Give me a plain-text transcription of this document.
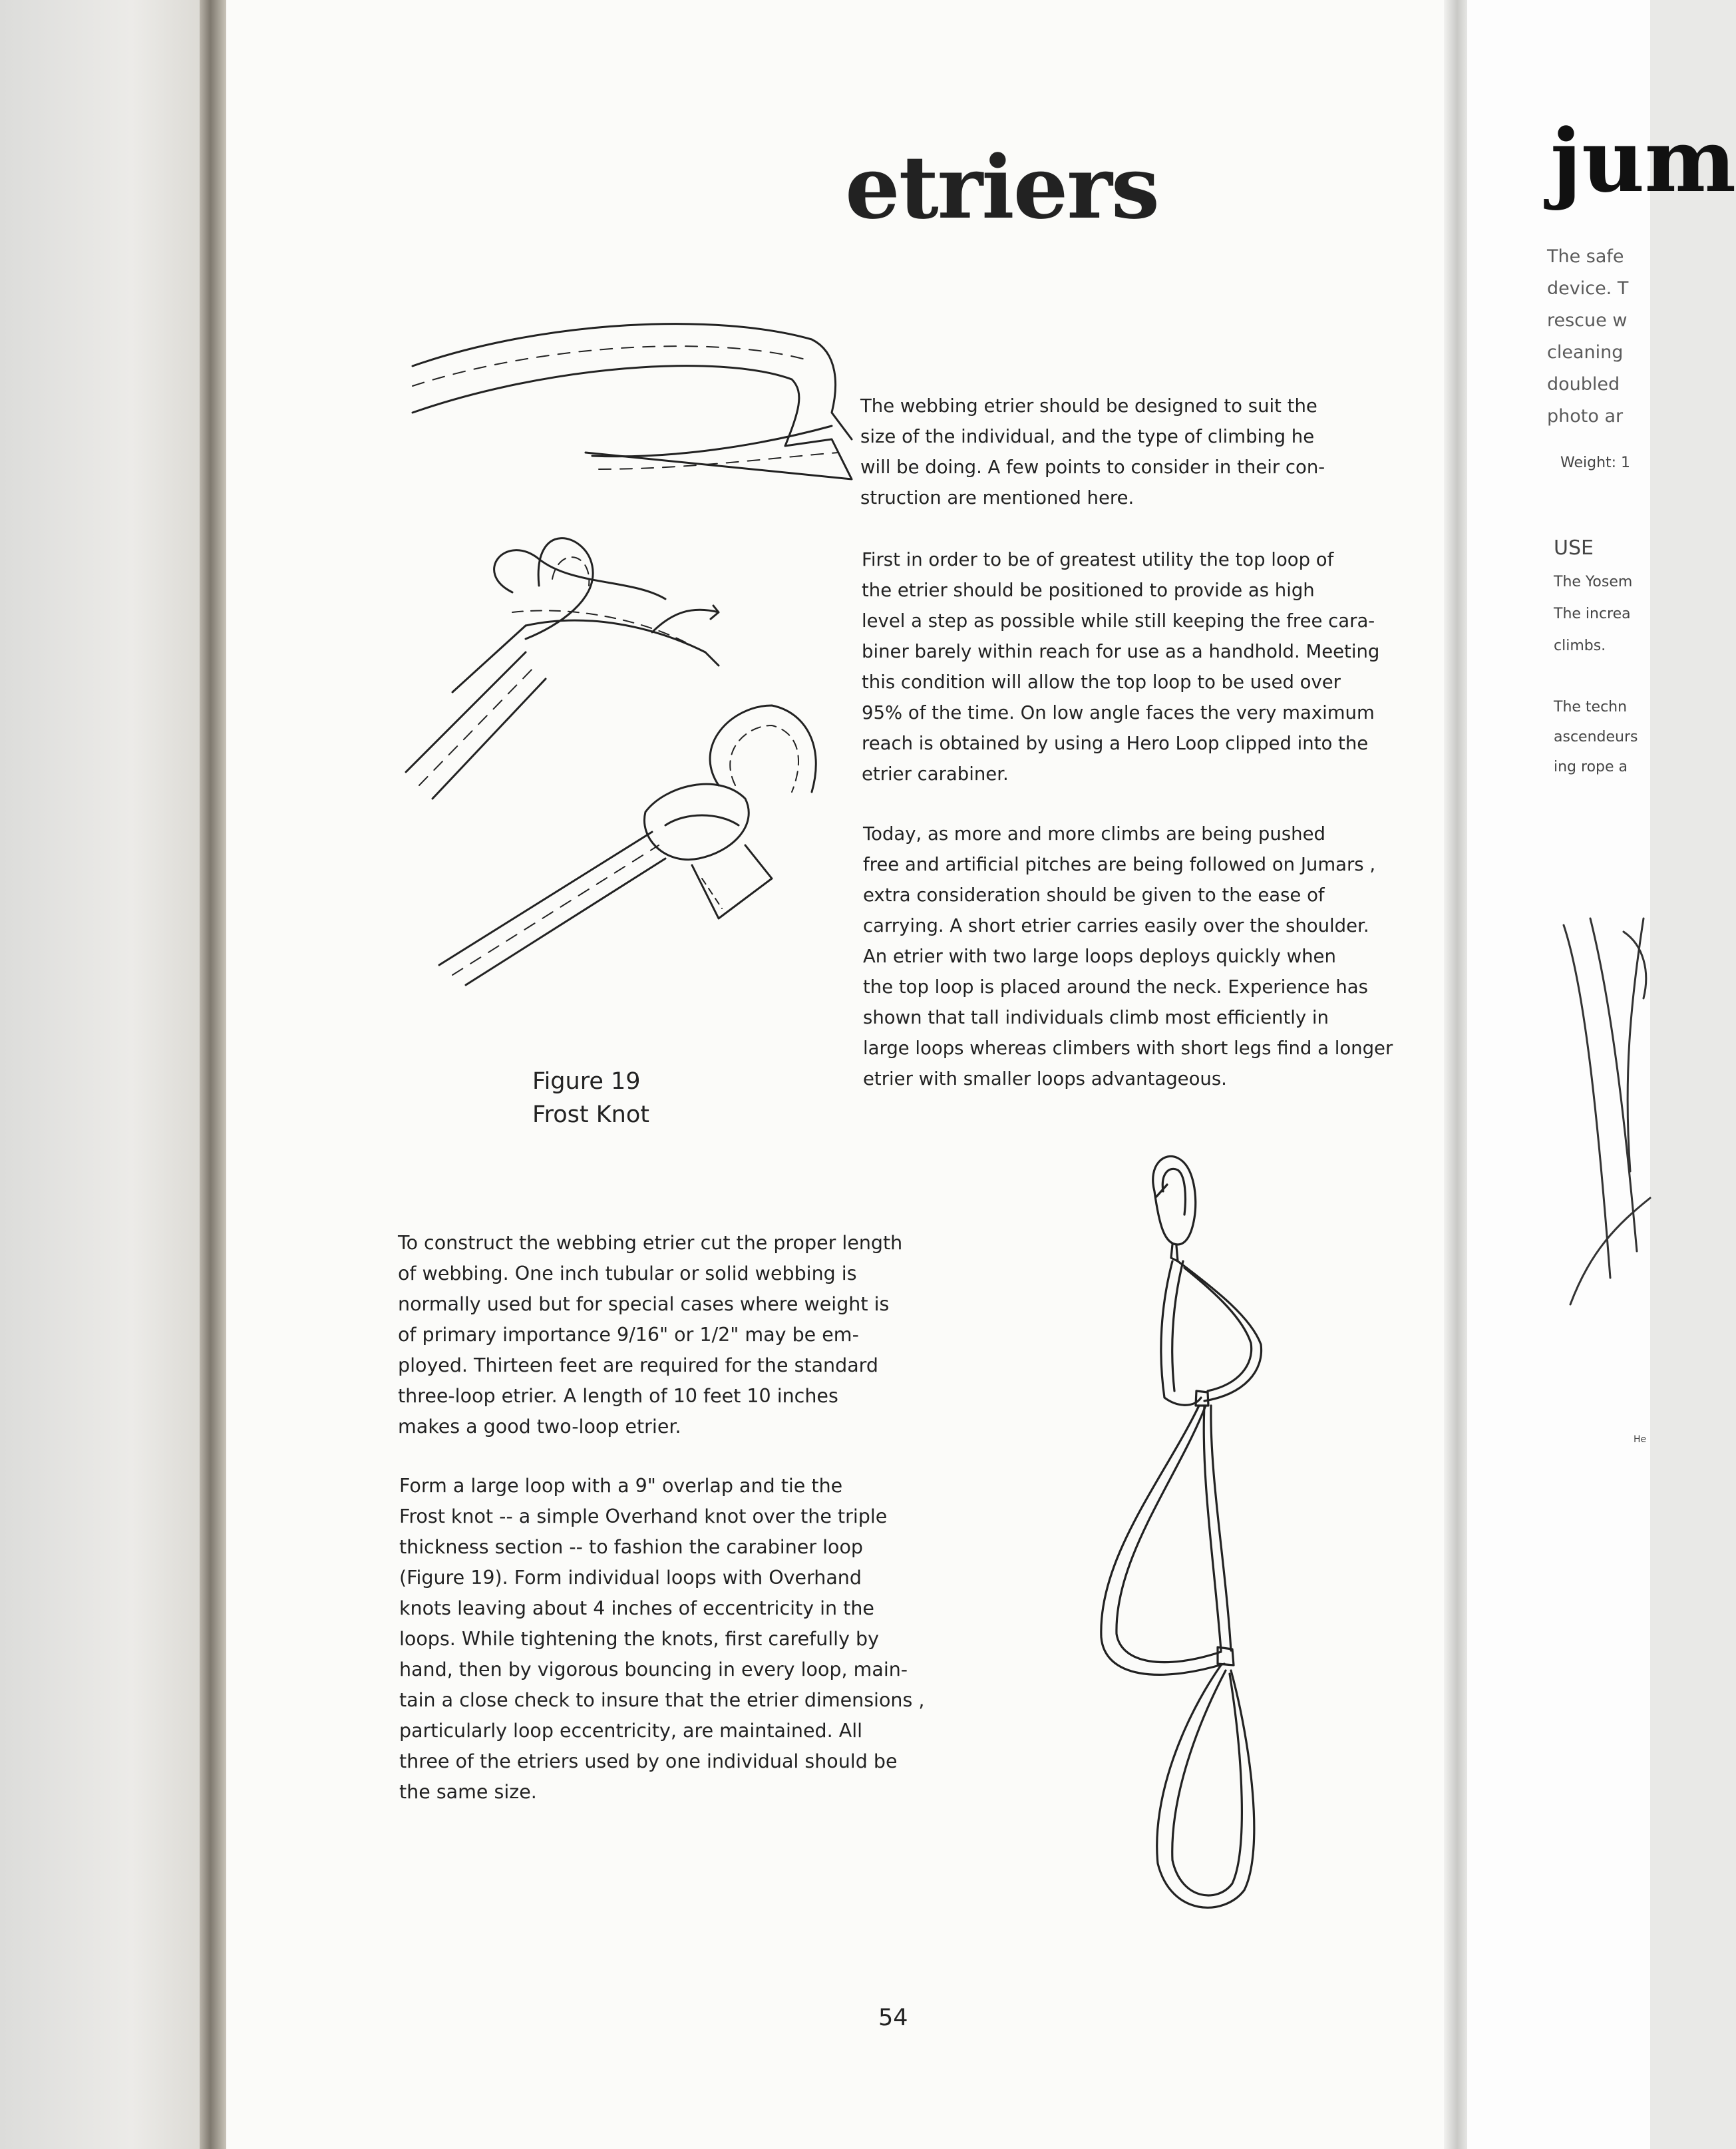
etriers
Figure 19
Frost Knot

The webbing etrier should be designed to suit the
size of the individual, and the type of climbing he
will be doing. A few points to consider in their con-
struction are mentioned here.

First in order to be of greatest utility the top loop of
the etrier should be positioned to provide as high
level a step as possible while still keeping the free cara-
biner barely within reach for use as a handhold. Meeting
this condition will allow the top loop to be used over
95% of the time. On low angle faces the very maximum
reach is obtained by using a Hero Loop clipped into the
etrier carabiner.

Today, as more and more climbs are being pushed
free and artificial pitches are being followed on Jumars ,
extra consideration should be given to the ease of
carrying. A short etrier carries easily over the shoulder.
An etrier with two large loops deploys quickly when
the top loop is placed around the neck. Experience has
shown that tall individuals climb most efficiently in
large loops whereas climbers with short legs find a longer
etrier with smaller loops advantageous.

To construct the webbing etrier cut the proper length
of webbing. One inch tubular or solid webbing is
normally used but for special cases where weight is
of primary importance 9/16" or 1/2" may be em-
ployed. Thirteen feet are required for the standard
three-loop etrier. A length of 10 feet 10 inches
makes a good two-loop etrier.

Form a large loop with a 9" overlap and tie the
Frost knot -- a simple Overhand knot over the triple
thickness section -- to fashion the carabiner loop
(Figure 19). Form individual loops with Overhand
knots leaving about 4 inches of eccentricity in the
loops. While tightening the knots, first carefully by
hand, then by vigorous bouncing in every loop, main-
tain a close check to insure that the etrier dimensions ,
particularly loop eccentricity, are maintained. All
three of the etriers used by one individual should be
the same size.

54
jum
The safe
device. T
rescue w
cleaning
doubled
photo ar
Weight: 1
USE
The Yosem
The increa
climbs.
The techn
ascendeurs
ing rope a
He
